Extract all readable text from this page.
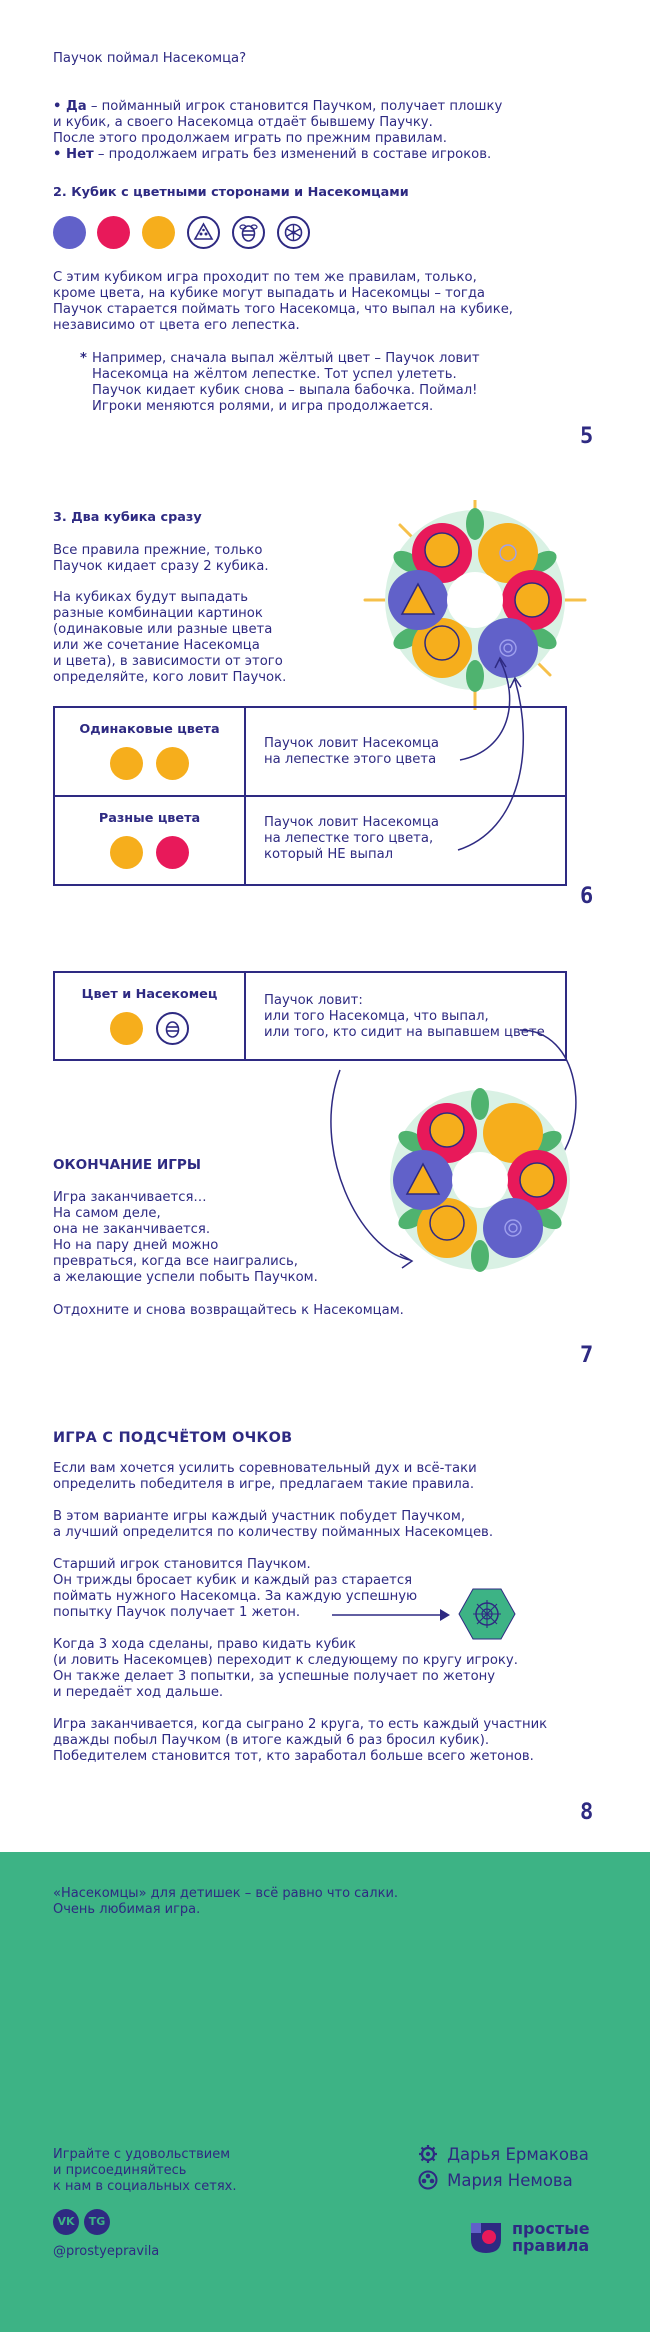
Паучок поймал Насекомца?

• Да – пойманный игрок становится Паучком, получает плошку
и кубик, а своего Насекомца отдаёт бывшему Паучку.
После этого продолжаем играть по прежним правилам.

• Нет – продолжаем играть без изменений в составе игроков.
2. Кубик с цветными сторонами и Насекомцами
С этим кубиком игра проходит по тем же правилам, только,
кроме цвета, на кубике могут выпадать и Насекомцы – тогда
Паучок старается поймать того Насекомца, что выпал на кубике,
независимо от цвета его лепестка.
* Например, сначала выпал жёлтый цвет – Паучок ловит
Насекомца на жёлтом лепестке. Тот успел улететь.
Паучок кидает кубик снова – выпала бабочка. Поймал!
Игроки меняются ролями, и игра продолжается.
5
3. Два кубика сразу
Все правила прежние, только
Паучок кидает сразу 2 кубика.
На кубиках будут выпадать
разные комбинации картинок
(одинаковые или разные цвета
или же сочетание Насекомца
и цвета), в зависимости от этого
определяйте, кого ловит Паучок.
Одинаковые цвета	Паучок ловит Насекомца
на лепестке этого цвета

Разные цвета	Паучок ловит Насекомца
на лепестке того цвета,
который НЕ выпал
6
Цвет и Насекомец	Паучок ловит:
или того Насекомца, что выпал,
или того, кто сидит на выпавшем цвете
ОКОНЧАНИЕ ИГРЫ
Игра заканчивается…
На самом деле,
она не заканчивается.
Но на пару дней можно
превраться, когда все наигрались,
а желающие успели побыть Паучком.
Отдохните и снова возвращайтесь к Насекомцам.
7
ИГРА С ПОДСЧЁТОМ ОЧКОВ
Если вам хочется усилить соревновательный дух и всё-таки
определить победителя в игре, предлагаем такие правила.
В этом варианте игры каждый участник побудет Паучком,
а лучший определится по количеству пойманных Насекомцев.
Старший игрок становится Паучком.
Он трижды бросает кубик и каждый раз старается
поймать нужного Насекомца. За каждую успешную
попытку Паучок получает 1 жетон.
Когда 3 хода сделаны, право кидать кубик
(и ловить Насекомцев) переходит к следующему по кругу игроку.
Он также делает 3 попытки, за успешные получает по жетону
и передаёт ход дальше.
Игра заканчивается, когда сыграно 2 круга, то есть каждый участник
дважды побыл Паучком (в итоге каждый 6 раз бросил кубик).
Победителем становится тот, кто заработал больше всего жетонов.
8
«Насекомцы» для детишек – всё равно что салки.
Очень любимая игра.
Играйте с удовольствием
и присоединяйтесь
к нам в социальных сетях.
VK	TG
@prostyepravila
Дарья Ермакова
Мария Немова
простые
правила
